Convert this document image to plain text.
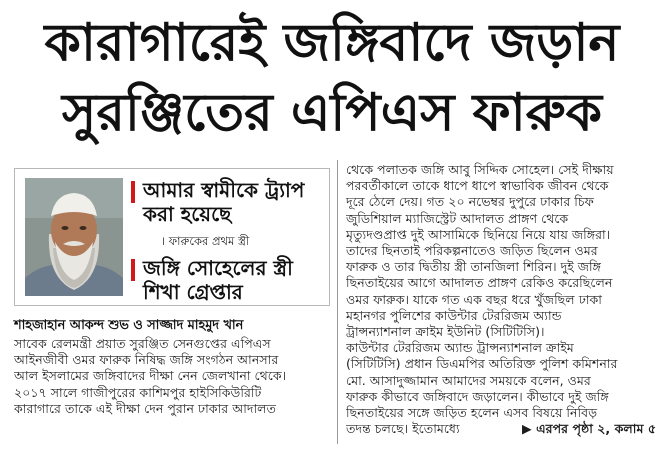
কারাগারেই জঙ্গিবাদে জড়ান
সুরঞ্জিতের এপিএস ফারুক
আমার স্বামীকে ট্র্যাপ করা হয়েছে
। ফারুকের প্রথম স্ত্রী
জঙ্গি সোহেলের স্ত্রী শিখা গ্রেপ্তার
শাহজাহান আকন্দ শুভ ও সাজ্জাদ মাহমুদ খান
সাবেক রেলমন্ত্রী প্রয়াত সুরঞ্জিত সেনগুপ্তের এপিএস
আইনজীবী ওমর ফারুক নিষিদ্ধ জঙ্গি সংগঠন আনসার
আল ইসলামের জঙ্গিবাদের দীক্ষা নেন জেলখানা থেকে।
২০১৭ সালে গাজীপুরের কাশিমপুর হাইসিকিউরিটি
কারাগারে তাকে এই দীক্ষা দেন পুরান ঢাকার আদালত
থেকে পলাতক জঙ্গি আবু সিদ্দিক সোহেল। সেই দীক্ষায়
পরবর্তীকালে তাকে ধাপে ধাপে স্বাভাবিক জীবন থেকে
দূরে ঠেলে দেয়। গত ২০ নভেম্বর দুপুরে ঢাকার চিফ
জুডিশিয়াল ম্যাজিস্ট্রেট আদালত প্রাঙ্গণ থেকে
মৃত্যুদণ্ডপ্রাপ্ত দুই আসামিকে ছিনিয়ে নিয়ে যায় জঙ্গিরা।
তাদের ছিনতাই পরিকল্পনাতেও জড়িত ছিলেন ওমর
ফারুক ও তার দ্বিতীয় স্ত্রী তানজিলা শিরিন। দুই জঙ্গি
ছিনতাইয়ের আগে আদালত প্রাঙ্গণ রেকিও করেছিলেন
ওমর ফারুক। যাকে গত এক বছর ধরে খুঁজছিল ঢাকা
মহানগর পুলিশের কাউন্টার টেররিজম অ্যান্ড
ট্রান্সন্যাশনাল ক্রাইম ইউনিট (সিটিটিসি)।
কাউন্টার টেররিজম অ্যান্ড ট্রান্সন্যাশনাল ক্রাইম
(সিটিটিসি) প্রধান ডিএমপির অতিরিক্ত পুলিশ কমিশনার
মো. আসাদুজ্জামান আমাদের সময়কে বলেন, ওমর
ফারুক কীভাবে জঙ্গিবাদে জড়ালেন। কীভাবে দুই জঙ্গি
ছিনতাইয়ের সঙ্গে জড়িত হলেন এসব বিষয়ে নিবিড়
তদন্ত চলছে। ইতোমধ্যে	▶ এরপর পৃষ্ঠা ২, কলাম ৫
